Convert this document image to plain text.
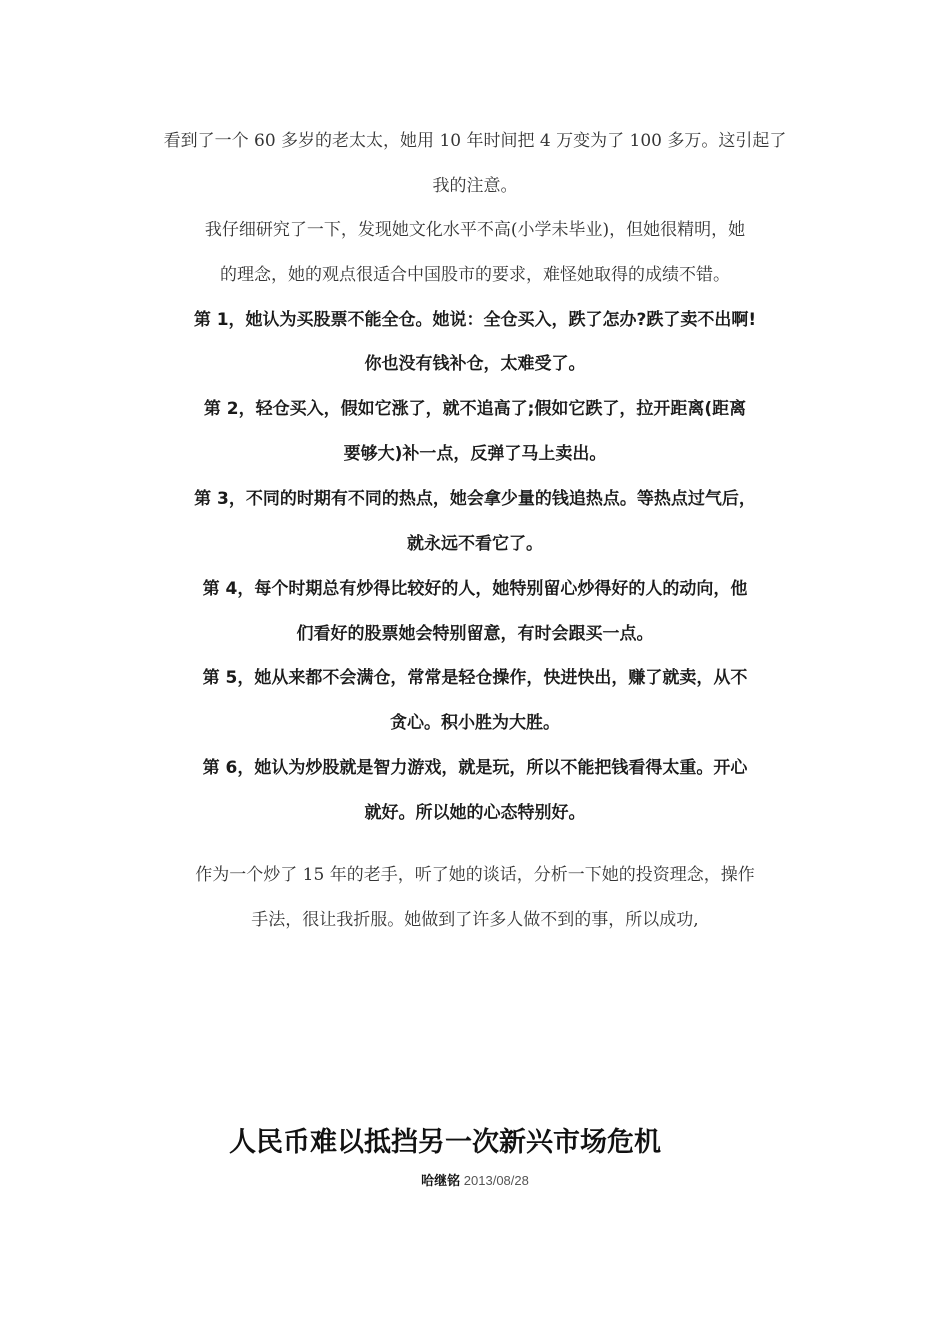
看到了一个 60 多岁的老太太，她用 10 年时间把 4 万变为了 100 多万。这引起了

我的注意。

我仔细研究了一下，发现她文化水平不高(小学未毕业)，但她很精明，她

的理念，她的观点很适合中国股市的要求，难怪她取得的成绩不错。

第 1，她认为买股票不能全仓。她说：全仓买入，跌了怎办?跌了卖不出啊!

你也没有钱补仓，太难受了。

第 2，轻仓买入，假如它涨了，就不追高了;假如它跌了，拉开距离(距离

要够大)补一点，反弹了马上卖出。

第 3，不同的时期有不同的热点，她会拿少量的钱追热点。等热点过气后，

就永远不看它了。

第 4，每个时期总有炒得比较好的人，她特别留心炒得好的人的动向，他

们看好的股票她会特别留意，有时会跟买一点。

第 5，她从来都不会满仓，常常是轻仓操作，快进快出，赚了就卖，从不

贪心。积小胜为大胜。

第 6，她认为炒股就是智力游戏，就是玩，所以不能把钱看得太重。开心

就好。所以她的心态特别好。

作为一个炒了 15 年的老手，听了她的谈话，分析一下她的投资理念，操作

手法，很让我折服。她做到了许多人做不到的事，所以成功,

人民币难以抵挡另一次新兴市场危机

哈继铭 2013/08/28
